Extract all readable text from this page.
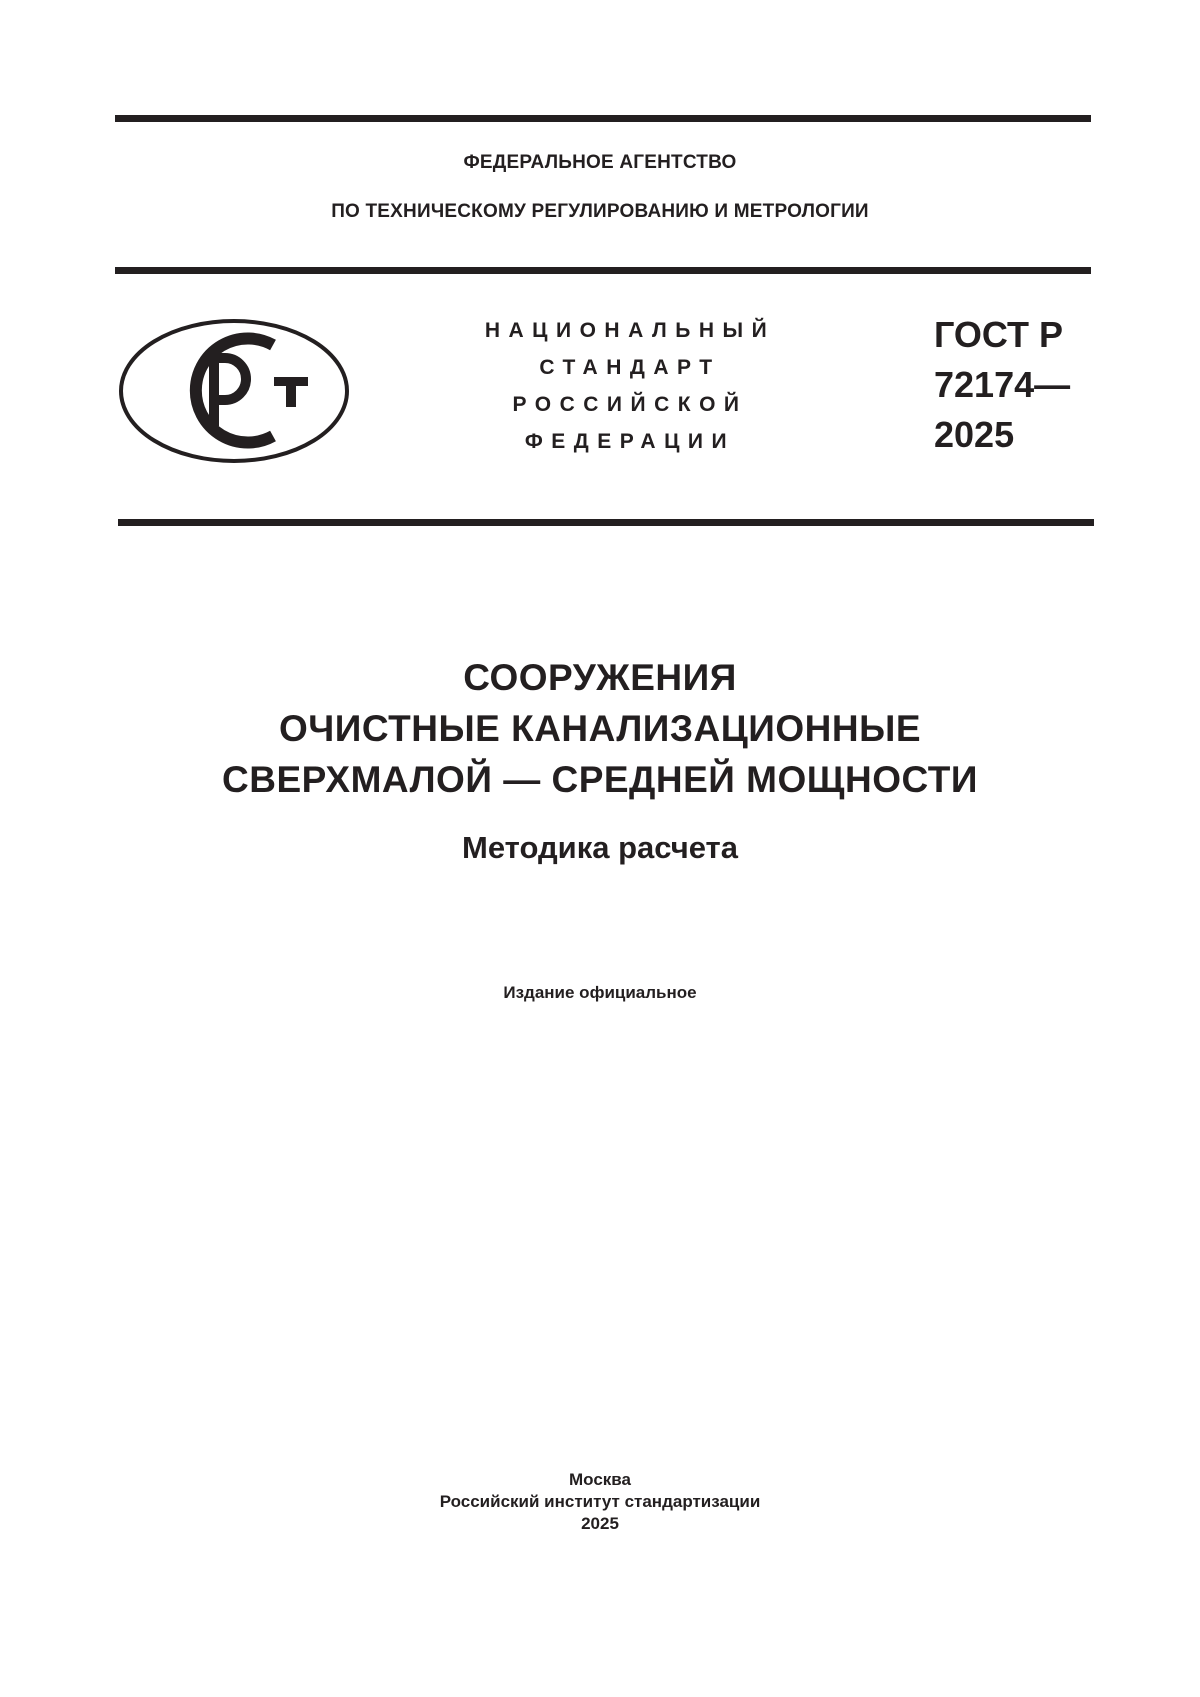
ФЕДЕРАЛЬНОЕ АГЕНТСТВО
ПО ТЕХНИЧЕСКОМУ РЕГУЛИРОВАНИЮ И МЕТРОЛОГИИ
НАЦИОНАЛЬНЫЙ
СТАНДАРТ
РОССИЙСКОЙ
ФЕДЕРАЦИИ
ГОСТ Р
72174—
2025
СООРУЖЕНИЯ
ОЧИСТНЫЕ КАНАЛИЗАЦИОННЫЕ
СВЕРХМАЛОЙ — СРЕДНЕЙ МОЩНОСТИ
Методика расчета
Издание официальное
Москва
Российский институт стандартизации
2025
